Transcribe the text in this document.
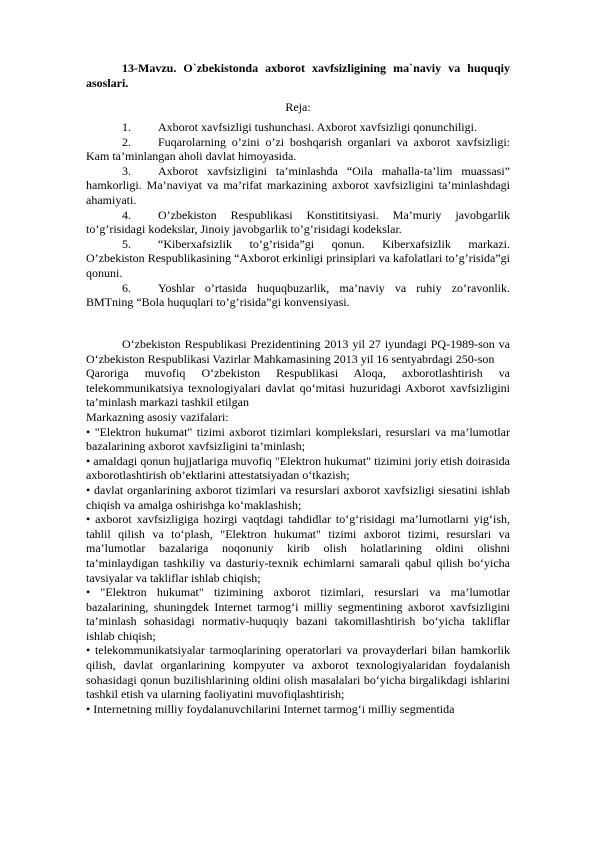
13-Mavzu. O`zbekistonda axborot xavfsizligining ma`naviy va huquqiy asoslari.

Reja:

1. Axborot xavfsizligi tushunchasi. Axborot xavfsizligi qonunchiligi.
2. Fuqarolarning o’zini o’zi boshqarish organlari va axborot xavfsizligi: Kam ta’minlangan aholi davlat himoyasida.
3. Axborot xavfsizligini ta’minlashda “Oila mahalla-ta’lim muassasi” hamkorligi. Ma’naviyat va ma’rifat markazining axborot xavfsizligini ta’minlashdagi ahamiyati.
4. O’zbekiston Respublikasi Konstititsiyasi. Ma’muriy javobgarlik to’g’risidagi kodekslar, Jinoiy javobgarlik to’g’risidagi kodekslar.
5. “Kiberxafsizlik to’g’risida”gi qonun. Kiberxafsizlik markazi. O’zbekiston Respublikasining “Axborot erkinligi prinsiplari va kafolatlari to’g’risida”gi qonuni.
6. Yoshlar o’rtasida huquqbuzarlik, ma’naviy va ruhiy zo’ravonlik. BMTning “Bola huquqlari to’g’risida”gi konvensiyasi.

O‘zbekiston Respublikasi Prezidentining 2013 yil 27 iyundagi PQ-1989-son va O‘zbekiston Respublikasi Vazirlar Mahkamasining 2013 yil 16 sentyabrdagi 250-son

Qaroriga muvofiq O‘zbekiston Respublikasi Aloqa, axborotlashtirish va telekommunikatsiya texnologiyalari davlat qo‘mitasi huzuridagi Axborot xavfsizligini ta’minlash markazi tashkil etilgan

Markazning asosiy vazifalari:

• "Elektron hukumat" tizimi axborot tizimlari komplekslari, resurslari va ma’lumotlar bazalarining axborot xavfsizligini ta’minlash;

• amaldagi qonun hujjatlariga muvofiq "Elektron hukumat" tizimini joriy etish doirasida axborotlashtirish ob’ektlarini attestatsiyadan o‘tkazish;

• davlat organlarining axborot tizimlari va resurslari axborot xavfsizligi siesatini ishlab chiqish va amalga oshirishga ko‘maklashish;

• axborot xavfsizligiga hozirgi vaqtdagi tahdidlar to‘g‘risidagi ma’lumotlarni yig‘ish, tahlil qilish va to‘plash, "Elektron hukumat" tizimi axborot tizimi, resurslari va ma’lumotlar bazalariga noqonuniy kirib olish holatlarining oldini olishni ta’minlaydigan tashkiliy va dasturiy-texnik echimlarni samarali qabul qilish bo‘yicha tavsiyalar va takliflar ishlab chiqish;

• "Elektron hukumat" tizimining axborot tizimlari, resurslari va ma’lumotlar bazalarining, shuningdek Internet tarmog‘i milliy segmentining axborot xavfsizligini ta’minlash sohasidagi normativ-huquqiy bazani takomillashtirish bo‘yicha takliflar ishlab chiqish;

• telekommunikatsiyalar tarmoqlarining operatorlari va provayderlari bilan hamkorlik qilish, davlat organlarining kompyuter va axborot texnologiyalaridan foydalanish sohasidagi qonun buzilishlarining oldini olish masalalari bo‘yicha birgalikdagi ishlarini tashkil etish va ularning faoliyatini muvofiqlashtirish;

• Internetning milliy foydalanuvchilarini Internet tarmog‘i milliy segmentida
